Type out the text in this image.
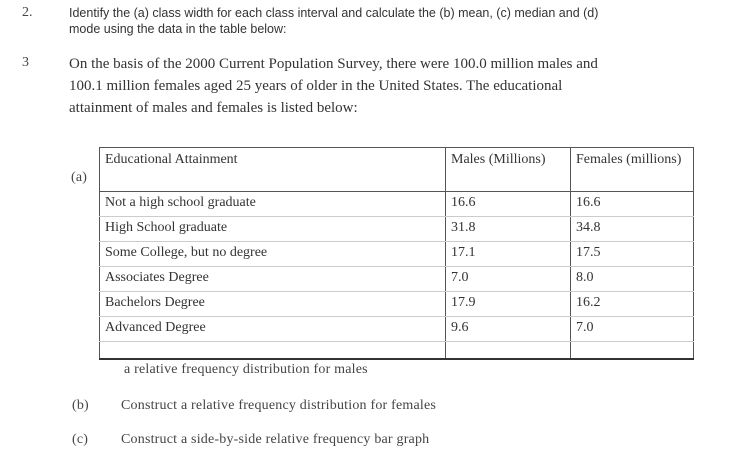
2.	Identify the (a) class width for each class interval and calculate the (b) mean, (c) median and (d) mode using the data in the table below:
3	On the basis of the 2000 Current Population Survey, there were 100.0 million males and 100.1 million females aged 25 years of older in the United States. The educational attainment of males and females is listed below:
(a)
Educational Attainment	Males (Millions)	Females (millions)
Not a high school graduate	16.6	16.6
High School graduate	31.8	34.8
Some College, but no degree	17.1	17.5
Associates Degree	7.0	8.0
Bachelors Degree	17.9	16.2
Advanced Degree	9.6	7.0

a relative frequency distribution for males
(b) Construct a relative frequency distribution for females
(c) Construct a side-by-side relative frequency bar graph
